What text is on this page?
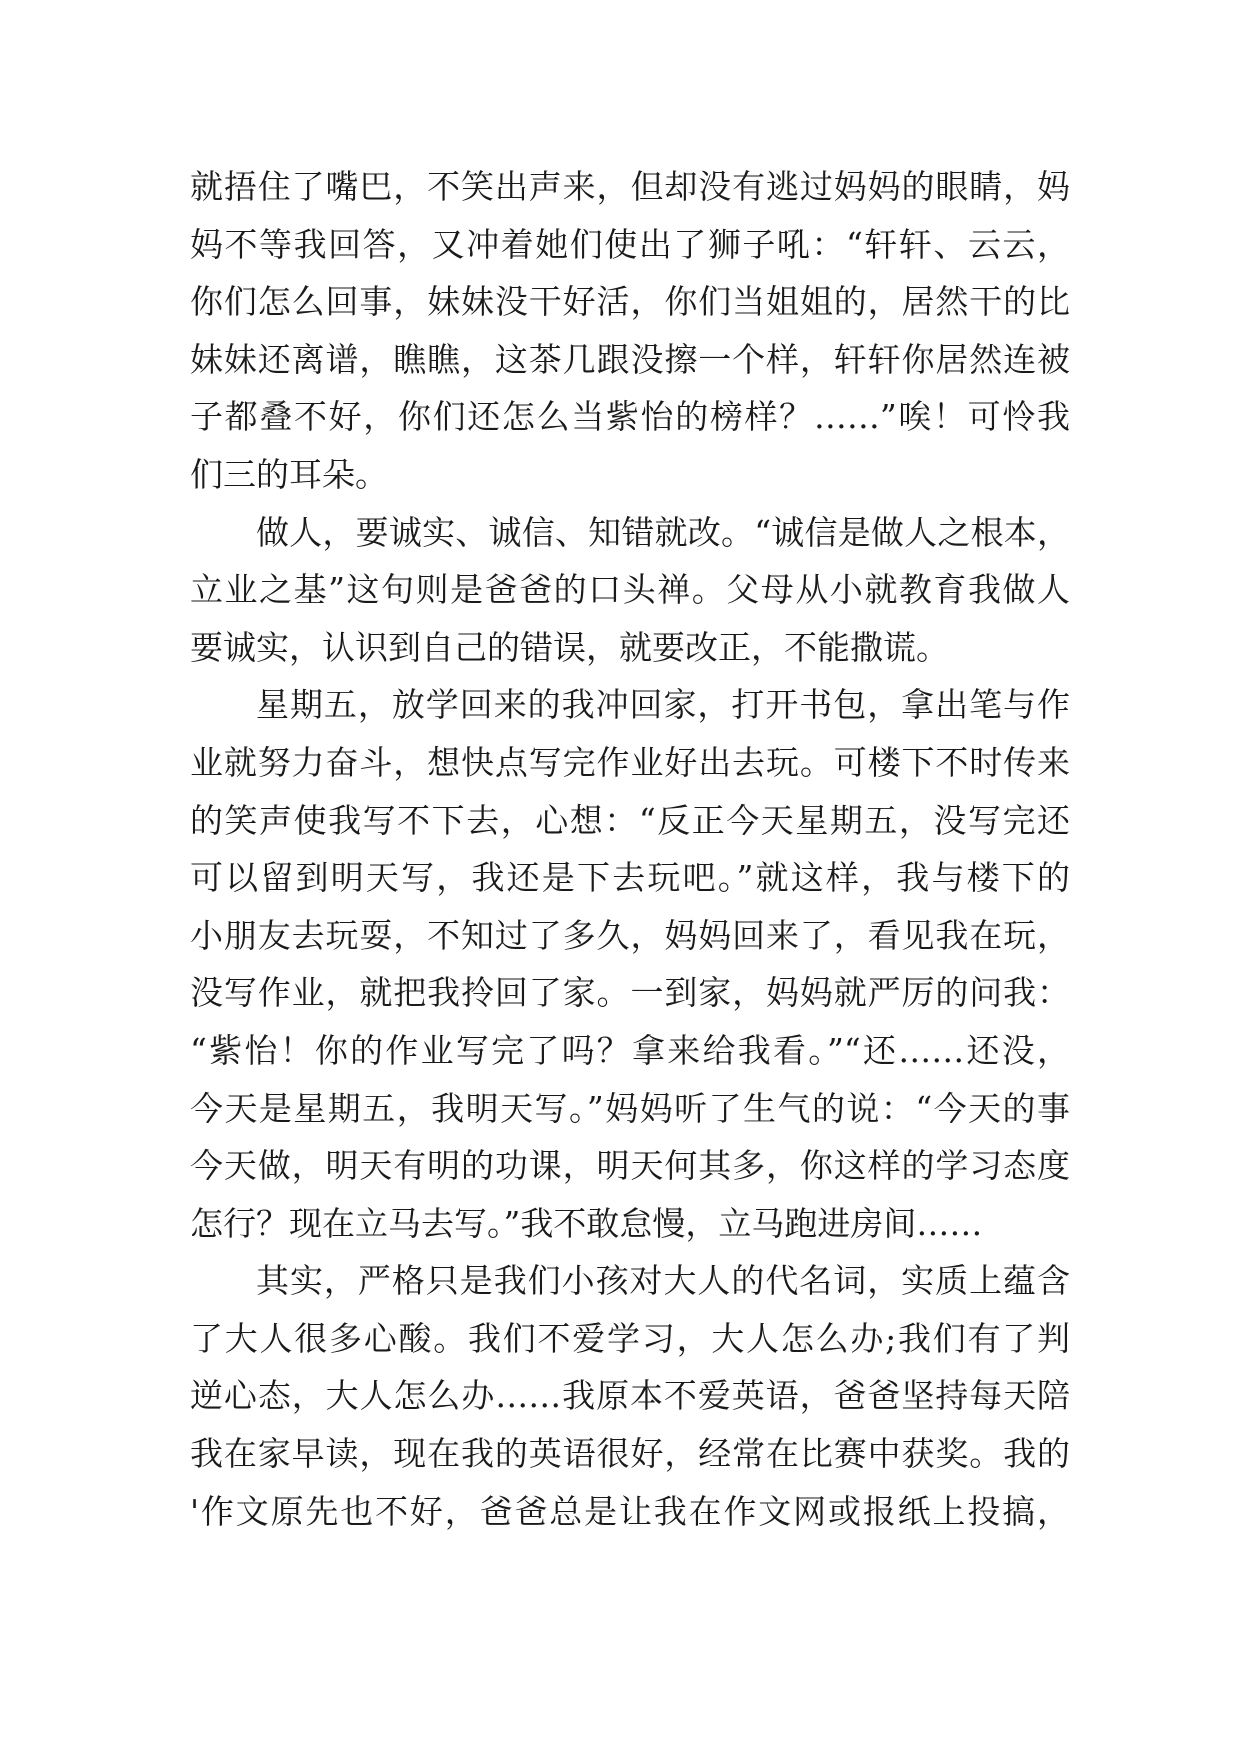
就捂住了嘴巴，不笑出声来，但却没有逃过妈妈的眼睛，妈
妈不等我回答，又冲着她们使出了狮子吼：“轩轩、云云，
你们怎么回事，妹妹没干好活，你们当姐姐的，居然干的比
妹妹还离谱，瞧瞧，这茶几跟没擦一个样，轩轩你居然连被
子都叠不好，你们还怎么当紫怡的榜样？……”唉！可怜我
们三的耳朵。
做人，要诚实、诚信、知错就改。“诚信是做人之根本，
立业之基”这句则是爸爸的口头禅。父母从小就教育我做人
要诚实，认识到自己的错误，就要改正，不能撒谎。
星期五，放学回来的我冲回家，打开书包，拿出笔与作
业就努力奋斗，想快点写完作业好出去玩。可楼下不时传来
的笑声使我写不下去，心想：“反正今天星期五，没写完还
可以留到明天写，我还是下去玩吧。”就这样，我与楼下的
小朋友去玩耍，不知过了多久，妈妈回来了，看见我在玩，
没写作业，就把我拎回了家。一到家，妈妈就严厉的问我：
“紫怡！你的作业写完了吗？拿来给我看。”“还……还没，
今天是星期五，我明天写。”妈妈听了生气的说：“今天的事
今天做，明天有明的功课，明天何其多，你这样的学习态度
怎行？现在立马去写。”我不敢怠慢，立马跑进房间……
其实，严格只是我们小孩对大人的代名词，实质上蕴含
了大人很多心酸。我们不爱学习，大人怎么办;我们有了判
逆心态，大人怎么办……我原本不爱英语，爸爸坚持每天陪
我在家早读，现在我的英语很好，经常在比赛中获奖。我的
'作文原先也不好，爸爸总是让我在作文网或报纸上投搞，
